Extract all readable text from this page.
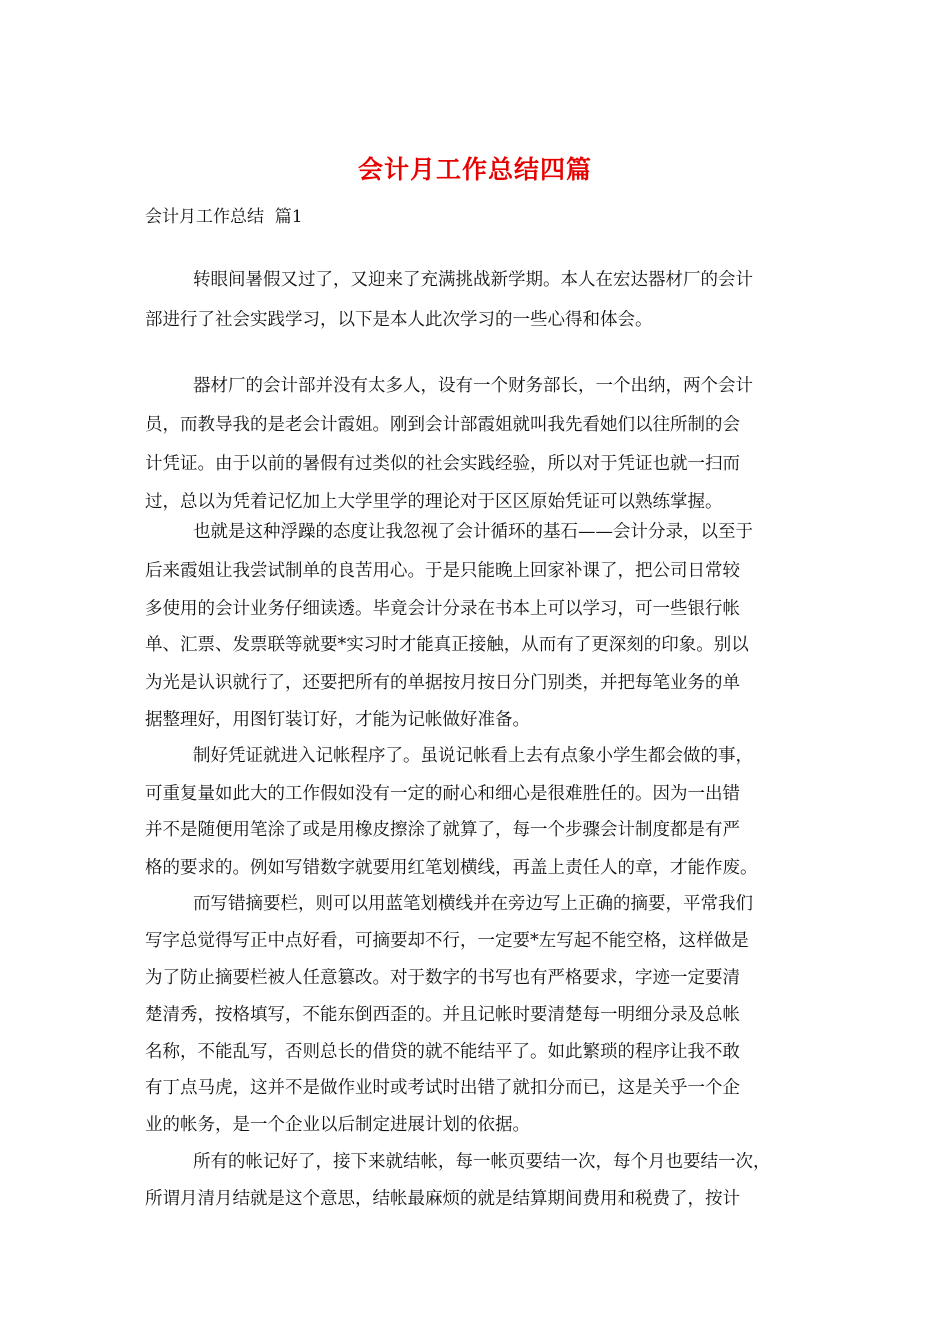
会计月工作总结四篇
会计月工作总结  篇1
转眼间暑假又过了，又迎来了充满挑战新学期。本人在宏达器材厂的会计
部进行了社会实践学习，以下是本人此次学习的一些心得和体会。
器材厂的会计部并没有太多人，设有一个财务部长，一个出纳，两个会计
员，而教导我的是老会计霞姐。刚到会计部霞姐就叫我先看她们以往所制的会
计凭证。由于以前的暑假有过类似的社会实践经验，所以对于凭证也就一扫而
过，总以为凭着记忆加上大学里学的理论对于区区原始凭证可以熟练掌握。
也就是这种浮躁的态度让我忽视了会计循环的基石——会计分录，以至于
后来霞姐让我尝试制单的良苦用心。于是只能晚上回家补课了，把公司日常较
多使用的会计业务仔细读透。毕竟会计分录在书本上可以学习，可一些银行帐
单、汇票、发票联等就要*实习时才能真正接触，从而有了更深刻的印象。别以
为光是认识就行了，还要把所有的单据按月按日分门别类，并把每笔业务的单
据整理好，用图钉装订好，才能为记帐做好准备。
制好凭证就进入记帐程序了。虽说记帐看上去有点象小学生都会做的事，
可重复量如此大的工作假如没有一定的耐心和细心是很难胜任的。因为一出错
并不是随便用笔涂了或是用橡皮擦涂了就算了，每一个步骤会计制度都是有严
格的要求的。例如写错数字就要用红笔划横线，再盖上责任人的章，才能作废。
而写错摘要栏，则可以用蓝笔划横线并在旁边写上正确的摘要，平常我们
写字总觉得写正中点好看，可摘要却不行，一定要*左写起不能空格，这样做是
为了防止摘要栏被人任意篡改。对于数字的书写也有严格要求，字迹一定要清
楚清秀，按格填写，不能东倒西歪的。并且记帐时要清楚每一明细分录及总帐
名称，不能乱写，否则总长的借贷的就不能结平了。如此繁琐的程序让我不敢
有丁点马虎，这并不是做作业时或考试时出错了就扣分而已，这是关乎一个企
业的帐务，是一个企业以后制定进展计划的依据。
所有的帐记好了，接下来就结帐，每一帐页要结一次，每个月也要结一次，
所谓月清月结就是这个意思，结帐最麻烦的就是结算期间费用和税费了，按计
